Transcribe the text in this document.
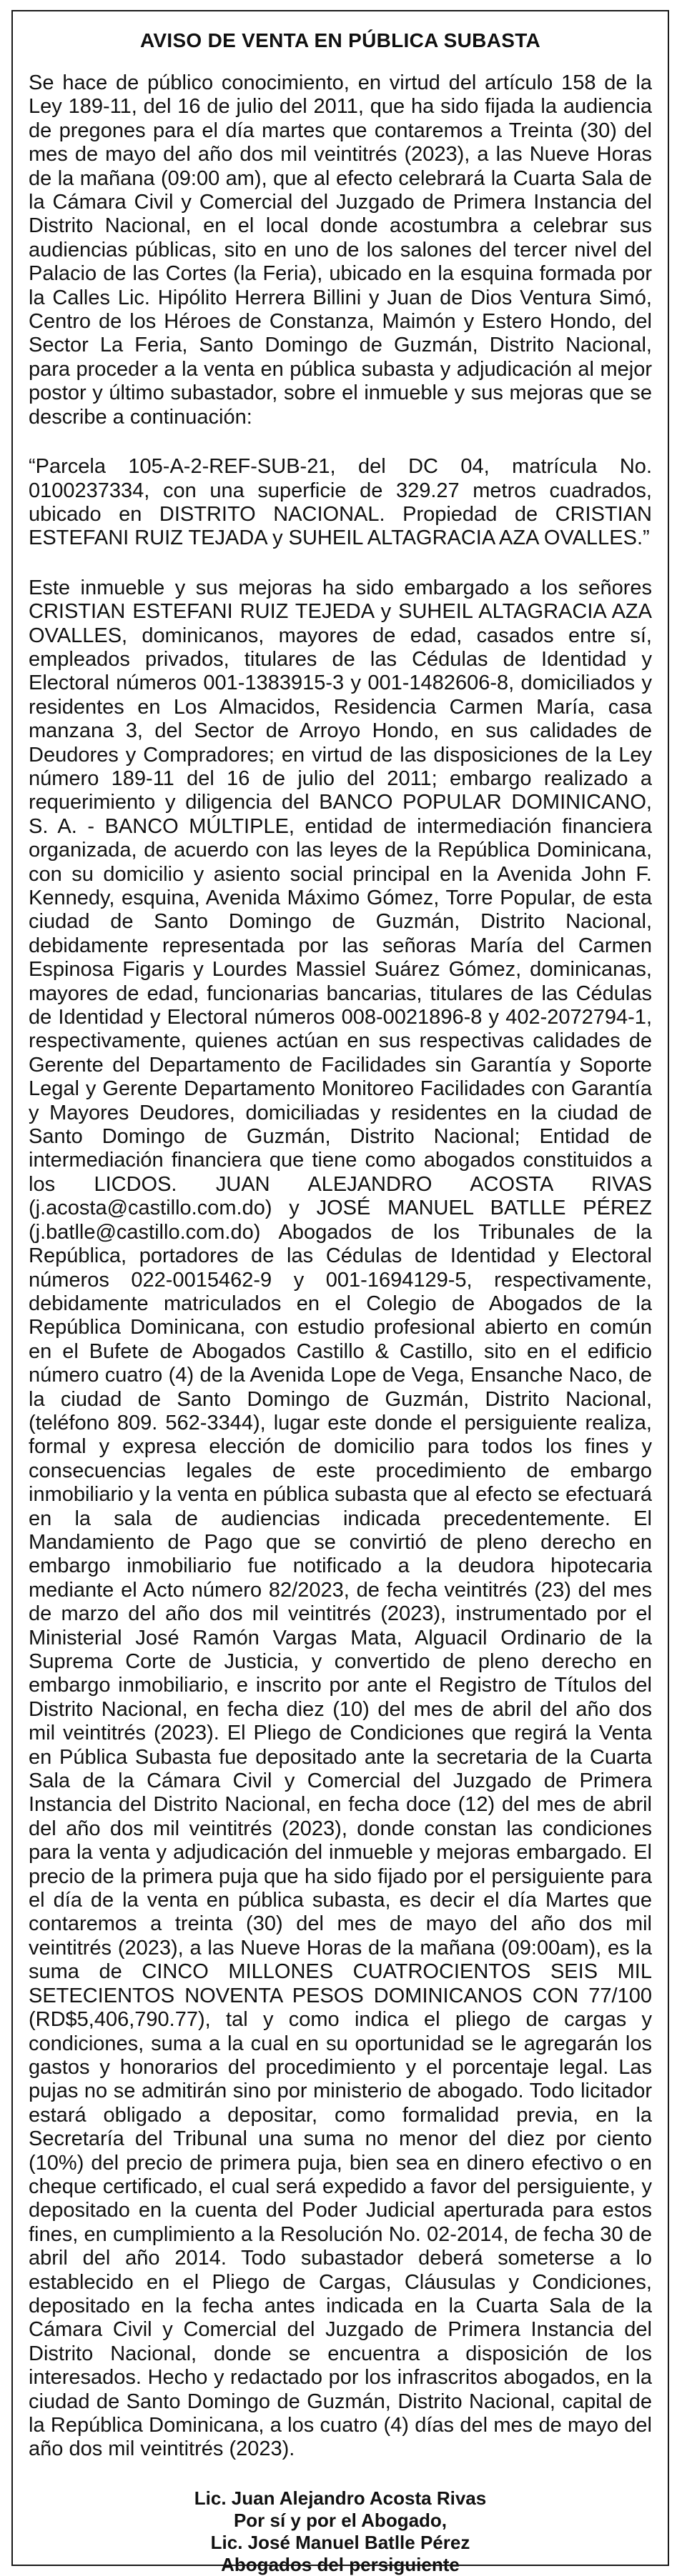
AVISO DE VENTA EN PÚBLICA SUBASTA

Se hace de público conocimiento, en virtud del artículo 158 de la Ley 189-11, del 16 de julio del 2011, que ha sido fijada la audiencia de pregones para el día martes que contaremos a Treinta (30) del mes de mayo del año dos mil veintitrés (2023), a las Nueve Horas de la mañana (09:00 am), que al efecto celebrará la Cuarta Sala de la Cámara Civil y Comercial del Juzgado de Primera Instancia del Distrito Nacional, en el local donde acostumbra a celebrar sus audiencias públicas, sito en uno de los salones del tercer nivel del Palacio de las Cortes (la Feria), ubicado en la esquina formada por la Calles Lic. Hipólito Herrera Billini y Juan de Dios Ventura Simó, Centro de los Héroes de Constanza, Maimón y Estero Hondo, del Sector La Feria, Santo Domingo de Guzmán, Distrito Nacional, para proceder a la venta en pública subasta y adjudicación al mejor postor y último subastador, sobre el inmueble y sus mejoras que se describe a continuación:

“Parcela 105-A-2-REF-SUB-21, del DC 04, matrícula No. 0100237334, con una superficie de 329.27 metros cuadrados, ubicado en DISTRITO NACIONAL. Propiedad de CRISTIAN ESTEFANI RUIZ TEJADA y SUHEIL ALTAGRACIA AZA OVALLES.”

Este inmueble y sus mejoras ha sido embargado a los señores CRISTIAN ESTEFANI RUIZ TEJEDA y SUHEIL ALTAGRACIA AZA OVALLES, dominicanos, mayores de edad, casados entre sí, empleados privados, titulares de las Cédulas de Identidad y Electoral números 001-1383915-3 y 001-1482606-8, domiciliados y residentes en Los Almacidos, Residencia Carmen María, casa manzana 3, del Sector de Arroyo Hondo, en sus calidades de Deudores y Compradores; en virtud de las disposiciones de la Ley número 189-11 del 16 de julio del 2011; embargo realizado a requerimiento y diligencia del BANCO POPULAR DOMINICANO, S. A. - BANCO MÚLTIPLE, entidad de intermediación financiera organizada, de acuerdo con las leyes de la República Dominicana, con su domicilio y asiento social principal en la Avenida John F. Kennedy, esquina, Avenida Máximo Gómez, Torre Popular, de esta ciudad de Santo Domingo de Guzmán, Distrito Nacional, debidamente representada por las señoras María del Carmen Espinosa Figaris y Lourdes Massiel Suárez Gómez, dominicanas, mayores de edad, funcionarias bancarias, titulares de las Cédulas de Identidad y Electoral números 008-0021896-8 y 402-2072794-1, respectivamente, quienes actúan en sus respectivas calidades de Gerente del Departamento de Facilidades sin Garantía y Soporte Legal y Gerente Departamento Monitoreo Facilidades con Garantía y Mayores Deudores, domiciliadas y residentes en la ciudad de Santo Domingo de Guzmán, Distrito Nacional; Entidad de intermediación financiera que tiene como abogados constituidos a los LICDOS. JUAN ALEJANDRO ACOSTA RIVAS (j.acosta@castillo.com.do) y JOSÉ MANUEL BATLLE PÉREZ (j.batlle@castillo.com.do) Abogados de los Tribunales de la República, portadores de las Cédulas de Identidad y Electoral números 022-0015462-9 y 001-1694129-5, respectivamente, debidamente matriculados en el Colegio de Abogados de la República Dominicana, con estudio profesional abierto en común en el Bufete de Abogados Castillo & Castillo, sito en el edificio número cuatro (4) de la Avenida Lope de Vega, Ensanche Naco, de la ciudad de Santo Domingo de Guzmán, Distrito Nacional, (teléfono 809. 562-3344), lugar este donde el persiguiente realiza, formal y expresa elección de domicilio para todos los fines y consecuencias legales de este procedimiento de embargo inmobiliario y la venta en pública subasta que al efecto se efectuará en la sala de audiencias indicada precedentemente. El Mandamiento de Pago que se convirtió de pleno derecho en embargo inmobiliario fue notificado a la deudora hipotecaria mediante el Acto número 82/2023, de fecha veintitrés (23) del mes de marzo del año dos mil veintitrés (2023), instrumentado por el Ministerial José Ramón Vargas Mata, Alguacil Ordinario de la Suprema Corte de Justicia, y convertido de pleno derecho en embargo inmobiliario, e inscrito por ante el Registro de Títulos del Distrito Nacional, en fecha diez (10) del mes de abril del año dos mil veintitrés (2023). El Pliego de Condiciones que regirá la Venta en Pública Subasta fue depositado ante la secretaria de la Cuarta Sala de la Cámara Civil y Comercial del Juzgado de Primera Instancia del Distrito Nacional, en fecha doce (12) del mes de abril del año dos mil veintitrés (2023), donde constan las condiciones para la venta y adjudicación del inmueble y mejoras embargado. El precio de la primera puja que ha sido fijado por el persiguiente para el día de la venta en pública subasta, es decir el día Martes que contaremos a treinta (30) del mes de mayo del año dos mil veintitrés (2023), a las Nueve Horas de la mañana (09:00am), es la suma de CINCO MILLONES CUATROCIENTOS SEIS MIL SETECIENTOS NOVENTA PESOS DOMINICANOS CON 77/100 (RD$5,406,790.77), tal y como indica el pliego de cargas y condiciones, suma a la cual en su oportunidad se le agregarán los gastos y honorarios del procedimiento y el porcentaje legal. Las pujas no se admitirán sino por ministerio de abogado. Todo licitador estará obligado a depositar, como formalidad previa, en la Secretaría del Tribunal una suma no menor del diez por ciento (10%) del precio de primera puja, bien sea en dinero efectivo o en cheque certificado, el cual será expedido a favor del persiguiente, y depositado en la cuenta del Poder Judicial aperturada para estos fines, en cumplimiento a la Resolución No. 02-2014, de fecha 30 de abril del año 2014. Todo subastador deberá someterse a lo establecido en el Pliego de Cargas, Cláusulas y Condiciones, depositado en la fecha antes indicada en la Cuarta Sala de la Cámara Civil y Comercial del Juzgado de Primera Instancia del Distrito Nacional, donde se encuentra a disposición de los interesados. Hecho y redactado por los infrascritos abogados, en la ciudad de Santo Domingo de Guzmán, Distrito Nacional, capital de la República Dominicana, a los cuatro (4) días del mes de mayo del año dos mil veintitrés (2023).

Lic. Juan Alejandro Acosta Rivas
Por sí y por el Abogado,
Lic. José Manuel Batlle Pérez
Abogados del persiguiente
